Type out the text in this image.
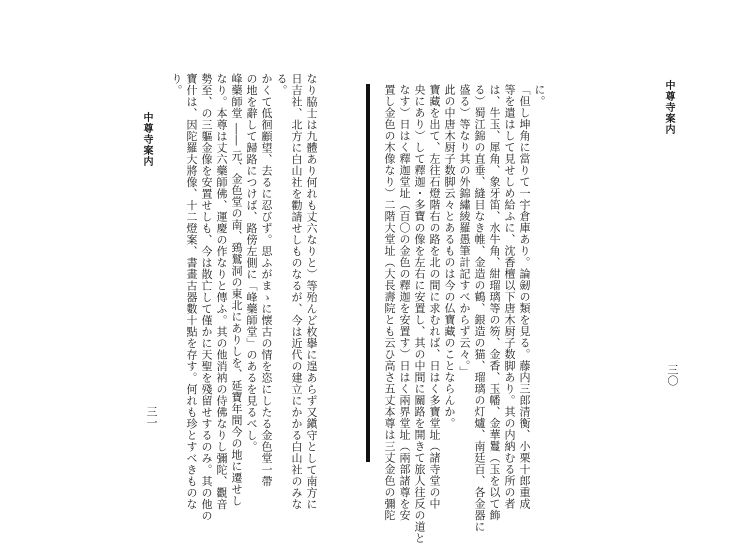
中尊寺案内
三一	なり脇士は九體あり何れも丈六なりと）等殆んど枚擧に遑あらず又鎭守として南方に
日吉社、北方に白山社を勸請せしものなるが、今は近代の建立にかかる白山社のみな
る。
かくて低徊顧望、去るに忍びず。思ふがまゝに懐古の情を恣にしたる金色堂一帶
の地を辭して歸路につけば、路傍左側に「峰藥師堂」のあるを見るべし。
峰藥師堂 ―― 元、金色堂の南、鵄鷲洞の東北にありしを、延寶年間今の地に遷せし
なり。本尊は丈六藥師佛、運慶の作なりと傳ふ。其の他消衲の侍佛なりし彌陀、觀音
勢至、の三軀金像を安置せしも、今は散亡して僅かに天聖を殘留せするのみ。其の他の
寶什は、因陀羅大將像、十二燈案、書畫古器數十點を存す。何れも珍とすべきものな
り。	中尊寺案内
三〇
に。
「但し坤角に當りて一宇倉庫あり。論劒の類を見る。藤内三郎清衡、小栗十郎重成
等を遣はして見せしめ給ふに、沈香檀以下唐木厨子数脚あり。其の内納むる所の者
は、牛玉、犀角、象牙笛、水牛角、紺瑠璃等の笏、金香、玉幡、金華鬘（玉を以て飾
る）蜀江錦の直垂、縫目なき帷、金造の鶴、銀造の猫、瑠璃の灯爐、南廷百、各金器に
盛る）等なり其の外錦繡綾羅愚筆計記すべからず云々。」
此の中唐木厨子数脚云々とあるものは今の仏寶藏のことならんか。
寶藏を出て、左往石燈階右の路を北の間に求むれば、日はく多寶堂址（諸寺堂の中
央にあり）して釋迦・多寶の像を左右に安置し、其の中間に關路を開きて旅人往反の道と
なす）日はく釋迦堂址（百〇の金色の釋迦を安置す）日はく兩界堂址（兩部諸尊を安
置し金色の木像なり）二階大堂址（大長壽院とも云ひ高さ五丈本尊は三丈金色の彌陀
